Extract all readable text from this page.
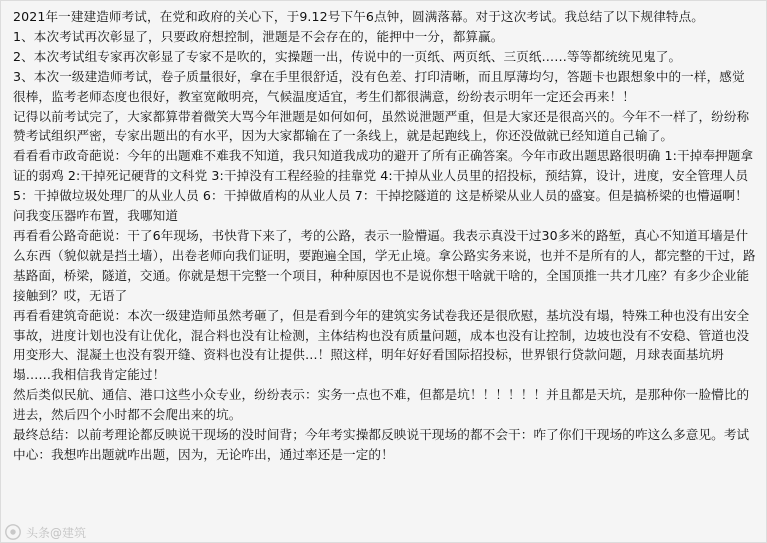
2021年一建建造师考试，在党和政府的关心下，于9.12号下午6点钟，圆满落幕。对于这次考试。我总结了以下规律特点。

1、本次考试再次彰显了，只要政府想控制，泄题是不会存在的，能押中一分，都算赢。

2、本次考试组专家再次彰显了专家不是吹的，实操题一出，传说中的一页纸、两页纸、三页纸……等等都统统见鬼了。

3、本次一级建造师考试，卷子质量很好，拿在手里很舒适，没有色差、打印清晰，而且厚薄均匀，答题卡也跟想象中的一样，感觉很棒，监考老师态度也很好，教室宽敞明亮，气候温度适宜，考生们都很满意，纷纷表示明年一定还会再来！！

记得以前考试完了，大家都算带着微笑大骂今年泄题是如何如何，虽然说泄题严重，但是大家还是很高兴的。今年不一样了，纷纷称赞考试组织严密，专家出题出的有水平，因为大家都输在了一条线上，就是起跑线上，你还没做就已经知道自己输了。

看看看市政奇葩说：今年的出题难不难我不知道，我只知道我成功的避开了所有正确答案。今年市政出题思路很明确 1:干掉奉押题拿证的弱鸡 2:干掉死记硬背的文科党 3:干掉没有工程经验的挂靠党 4:干掉从业人员里的招投标，预结算，设计，进度，安全管理人员 5：干掉做垃圾处理厂的从业人员 6：干掉做盾构的从业人员 7：干掉挖隧道的 这是桥梁从业人员的盛宴。但是搞桥梁的也懵逼啊！问我变压器咋布置，我哪知道

再看看公路奇葩说：干了6年现场，书快背下来了，考的公路，表示一脸懵逼。我表示真没干过30多米的路堑，真心不知道耳墙是什么东西（貌似就是挡土墙），出卷老师向我们证明，要跑遍全国，学无止境。拿公路实务来说，也并不是所有的人，都完整的干过，路基路面，桥梁，隧道，交通。你就是想干完整一个项目，种种原因也不是说你想干啥就干啥的，全国顶推一共才几座？有多少企业能接触到？哎，无语了

再看看建筑奇葩说：本次一级建造师虽然考砸了，但是看到今年的建筑实务试卷我还是很欣慰，基坑没有塌，特殊工种也没有出安全事故，进度计划也没有让优化，混合料也没有让检测，主体结构也没有质量问题，成本也没有让控制，边坡也没有不安稳、管道也没用变形大、混凝土也没有裂开缝、资料也没有让提供…！照这样，明年好好看国际招投标，世界银行贷款问题，月球表面基坑坍塌……我相信我肯定能过！

然后类似民航、通信、港口这些小众专业，纷纷表示：实务一点也不难，但都是坑！！！！！！并且都是天坑，是那种你一脸懵比的进去，然后四个小时都不会爬出来的坑。

最终总结：以前考理论都反映说干现场的没时间背；今年考实操都反映说干现场的都不会干：咋了你们干现场的咋这么多意见。考试中心：我想咋出题就咋出题，因为，无论咋出，通过率还是一定的！

头条@建筑
